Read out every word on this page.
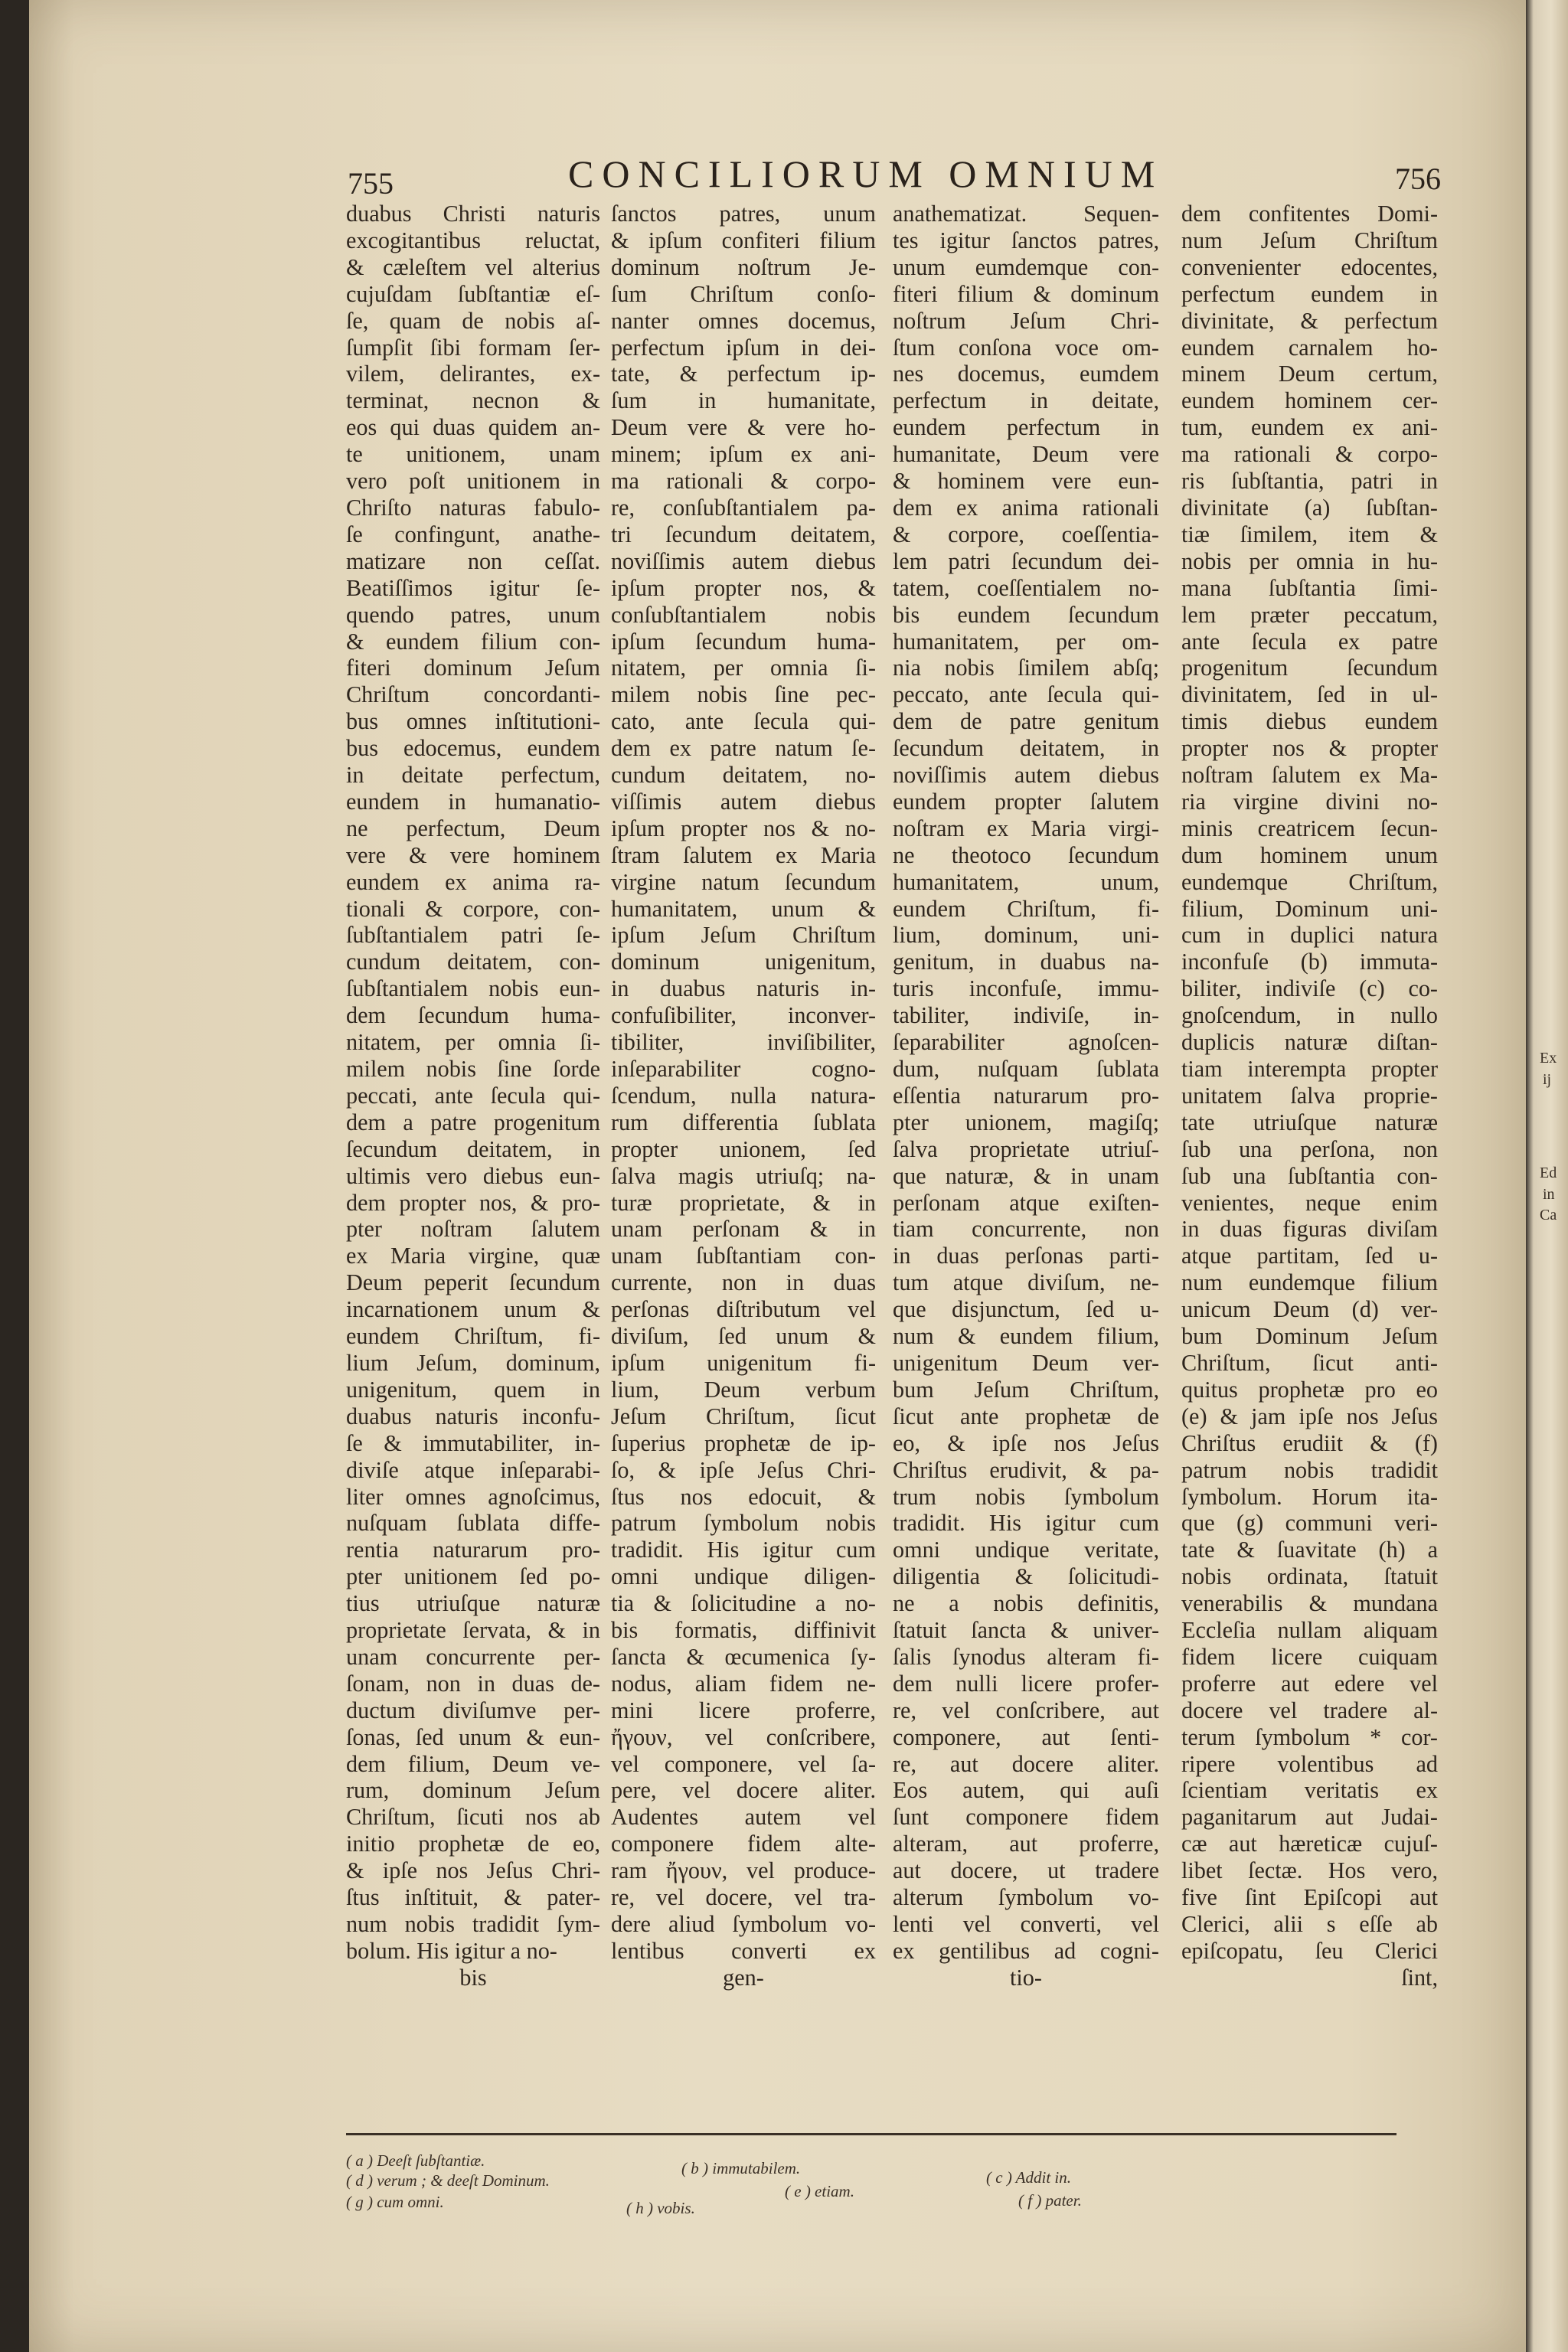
Ex
ij
Ed
in
Ca
755	CONCILIORUM OMNIUM	756
duabus Christi naturis
excogitantibus reluctat,
& cæleſtem vel alterius
cujuſdam ſubſtantiæ eſ-
ſe, quam de nobis aſ-
ſumpſit ſibi formam ſer-
vilem, delirantes, ex-
terminat, necnon &
eos qui duas quidem an-
te unitionem, unam
vero poſt unitionem in
Chriſto naturas fabulo-
ſe confingunt, anathe-
matizare non ceſſat.
Beatiſſimos igitur ſe-
quendo patres, unum
& eundem filium con-
fiteri dominum Jeſum
Chriſtum concordanti-
bus omnes inſtitutioni-
bus edocemus, eundem
in deitate perfectum,
eundem in humanatio-
ne perfectum, Deum
vere & vere hominem
eundem ex anima ra-
tionali & corpore, con-
ſubſtantialem patri ſe-
cundum deitatem, con-
ſubſtantialem nobis eun-
dem ſecundum huma-
nitatem, per omnia ſi-
milem nobis ſine ſorde
peccati, ante ſecula qui-
dem a patre progenitum
ſecundum deitatem, in
ultimis vero diebus eun-
dem propter nos, & pro-
pter noſtram ſalutem
ex Maria virgine, quæ
Deum peperit ſecundum
incarnationem unum &
eundem Chriſtum, fi-
lium Jeſum, dominum,
unigenitum, quem in
duabus naturis inconfu-
ſe & immutabiliter, in-
diviſe atque inſeparabi-
liter omnes agnoſcimus,
nuſquam ſublata diffe-
rentia naturarum pro-
pter unitionem ſed po-
tius utriuſque naturæ
proprietate ſervata, & in
unam concurrente per-
ſonam, non in duas de-
ductum diviſumve per-
ſonas, ſed unum & eun-
dem filium, Deum ve-
rum, dominum Jeſum
Chriſtum, ſicuti nos ab
initio prophetæ de eo,
& ipſe nos Jeſus Chri-
ſtus inſtituit, & pater-
num nobis tradidit ſym-
bolum. His igitur a no-
bis
ſanctos patres, unum
& ipſum confiteri filium
dominum noſtrum Je-
ſum Chriſtum conſo-
nanter omnes docemus,
perfectum ipſum in dei-
tate, & perfectum ip-
ſum in humanitate,
Deum vere & vere ho-
minem; ipſum ex ani-
ma rationali & corpo-
re, conſubſtantialem pa-
tri ſecundum deitatem,
noviſſimis autem diebus
ipſum propter nos, &
conſubſtantialem nobis
ipſum ſecundum huma-
nitatem, per omnia ſi-
milem nobis ſine pec-
cato, ante ſecula qui-
dem ex patre natum ſe-
cundum deitatem, no-
viſſimis autem diebus
ipſum propter nos & no-
ſtram ſalutem ex Maria
virgine natum ſecundum
humanitatem, unum &
ipſum Jeſum Chriſtum
dominum unigenitum,
in duabus naturis in-
confuſibiliter, inconver-
tibiliter, inviſibiliter,
inſeparabiliter cogno-
ſcendum, nulla natura-
rum differentia ſublata
propter unionem, ſed
ſalva magis utriuſq; na-
turæ proprietate, & in
unam perſonam & in
unam ſubſtantiam con-
currente, non in duas
perſonas diſtributum vel
diviſum, ſed unum &
ipſum unigenitum fi-
lium, Deum verbum
Jeſum Chriſtum, ſicut
ſuperius prophetæ de ip-
ſo, & ipſe Jeſus Chri-
ſtus nos edocuit, &
patrum ſymbolum nobis
tradidit. His igitur cum
omni undique diligen-
tia & ſolicitudine a no-
bis formatis, diffinivit
ſancta & œcumenica ſy-
nodus, aliam fidem ne-
mini licere proferre,
ἤγουν, vel conſcribere,
vel componere, vel ſa-
pere, vel docere aliter.
Audentes autem vel
componere fidem alte-
ram ἤγουν, vel produce-
re, vel docere, vel tra-
dere aliud ſymbolum vo-
lentibus converti ex
gen-
anathematizat. Sequen-
tes igitur ſanctos patres,
unum eumdemque con-
fiteri filium & dominum
noſtrum Jeſum Chri-
ſtum conſona voce om-
nes docemus, eumdem
perfectum in deitate,
eundem perfectum in
humanitate, Deum vere
& hominem vere eun-
dem ex anima rationali
& corpore, coeſſentia-
lem patri ſecundum dei-
tatem, coeſſentialem no-
bis eundem ſecundum
humanitatem, per om-
nia nobis ſimilem abſq;
peccato, ante ſecula qui-
dem de patre genitum
ſecundum deitatem, in
noviſſimis autem diebus
eundem propter ſalutem
noſtram ex Maria virgi-
ne theotoco ſecundum
humanitatem, unum,
eundem Chriſtum, fi-
lium, dominum, uni-
genitum, in duabus na-
turis inconfuſe, immu-
tabiliter, indiviſe, in-
ſeparabiliter agnoſcen-
dum, nuſquam ſublata
eſſentia naturarum pro-
pter unionem, magiſq;
ſalva proprietate utriuſ-
que naturæ, & in unam
perſonam atque exiſten-
tiam concurrente, non
in duas perſonas parti-
tum atque diviſum, ne-
que disjunctum, ſed u-
num & eundem filium,
unigenitum Deum ver-
bum Jeſum Chriſtum,
ſicut ante prophetæ de
eo, & ipſe nos Jeſus
Chriſtus erudivit, & pa-
trum nobis ſymbolum
tradidit. His igitur cum
omni undique veritate,
diligentia & ſolicitudi-
ne a nobis definitis,
ſtatuit ſancta & univer-
ſalis ſynodus alteram fi-
dem nulli licere profer-
re, vel conſcribere, aut
componere, aut ſenti-
re, aut docere aliter.
Eos autem, qui auſi
ſunt componere fidem
alteram, aut proferre,
aut docere, ut tradere
alterum ſymbolum vo-
lenti vel converti, vel
ex gentilibus ad cogni-
tio-
dem confitentes Domi-
num Jeſum Chriſtum
convenienter edocentes,
perfectum eundem in
divinitate, & perfectum
eundem carnalem ho-
minem Deum certum,
eundem hominem cer-
tum, eundem ex ani-
ma rationali & corpo-
ris ſubſtantia, patri in
divinitate (a) ſubſtan-
tiæ ſimilem, item &
nobis per omnia in hu-
mana ſubſtantia ſimi-
lem præter peccatum,
ante ſecula ex patre
progenitum ſecundum
divinitatem, ſed in ul-
timis diebus eundem
propter nos & propter
noſtram ſalutem ex Ma-
ria virgine divini no-
minis creatricem ſecun-
dum hominem unum
eundemque Chriſtum,
filium, Dominum uni-
cum in duplici natura
inconfuſe (b) immuta-
biliter, indiviſe (c) co-
gnoſcendum, in nullo
duplicis naturæ diſtan-
tiam interempta propter
unitatem ſalva proprie-
tate utriuſque naturæ
ſub una perſona, non
ſub una ſubſtantia con-
venientes, neque enim
in duas figuras diviſam
atque partitam, ſed u-
num eundemque filium
unicum Deum (d) ver-
bum Dominum Jeſum
Chriſtum, ſicut anti-
quitus prophetæ pro eo
(e) & jam ipſe nos Jeſus
Chriſtus erudiit & (f)
patrum nobis tradidit
ſymbolum. Horum ita-
que (g) communi veri-
tate & ſuavitate (h) a
nobis ordinata, ſtatuit
venerabilis & mundana
Eccleſia nullam aliquam
fidem licere cuiquam
proferre aut edere vel
docere vel tradere al-
terum ſymbolum * cor-
ripere volentibus ad
ſcientiam veritatis ex
paganitarum aut Judai-
cæ aut hæreticæ cujuſ-
libet ſectæ. Hos vero,
five ſint Epiſcopi aut
Clerici, alii s eſſe ab
epiſcopatu, ſeu Clerici
ſint,
( a ) Deeſt ſubſtantiæ.	( b ) immutabilem.	( c ) Addit in.
( d ) verum ; & deeſt Dominum.
( e ) etiam.	( f ) pater.
( g ) cum omni.	( h ) vobis.
